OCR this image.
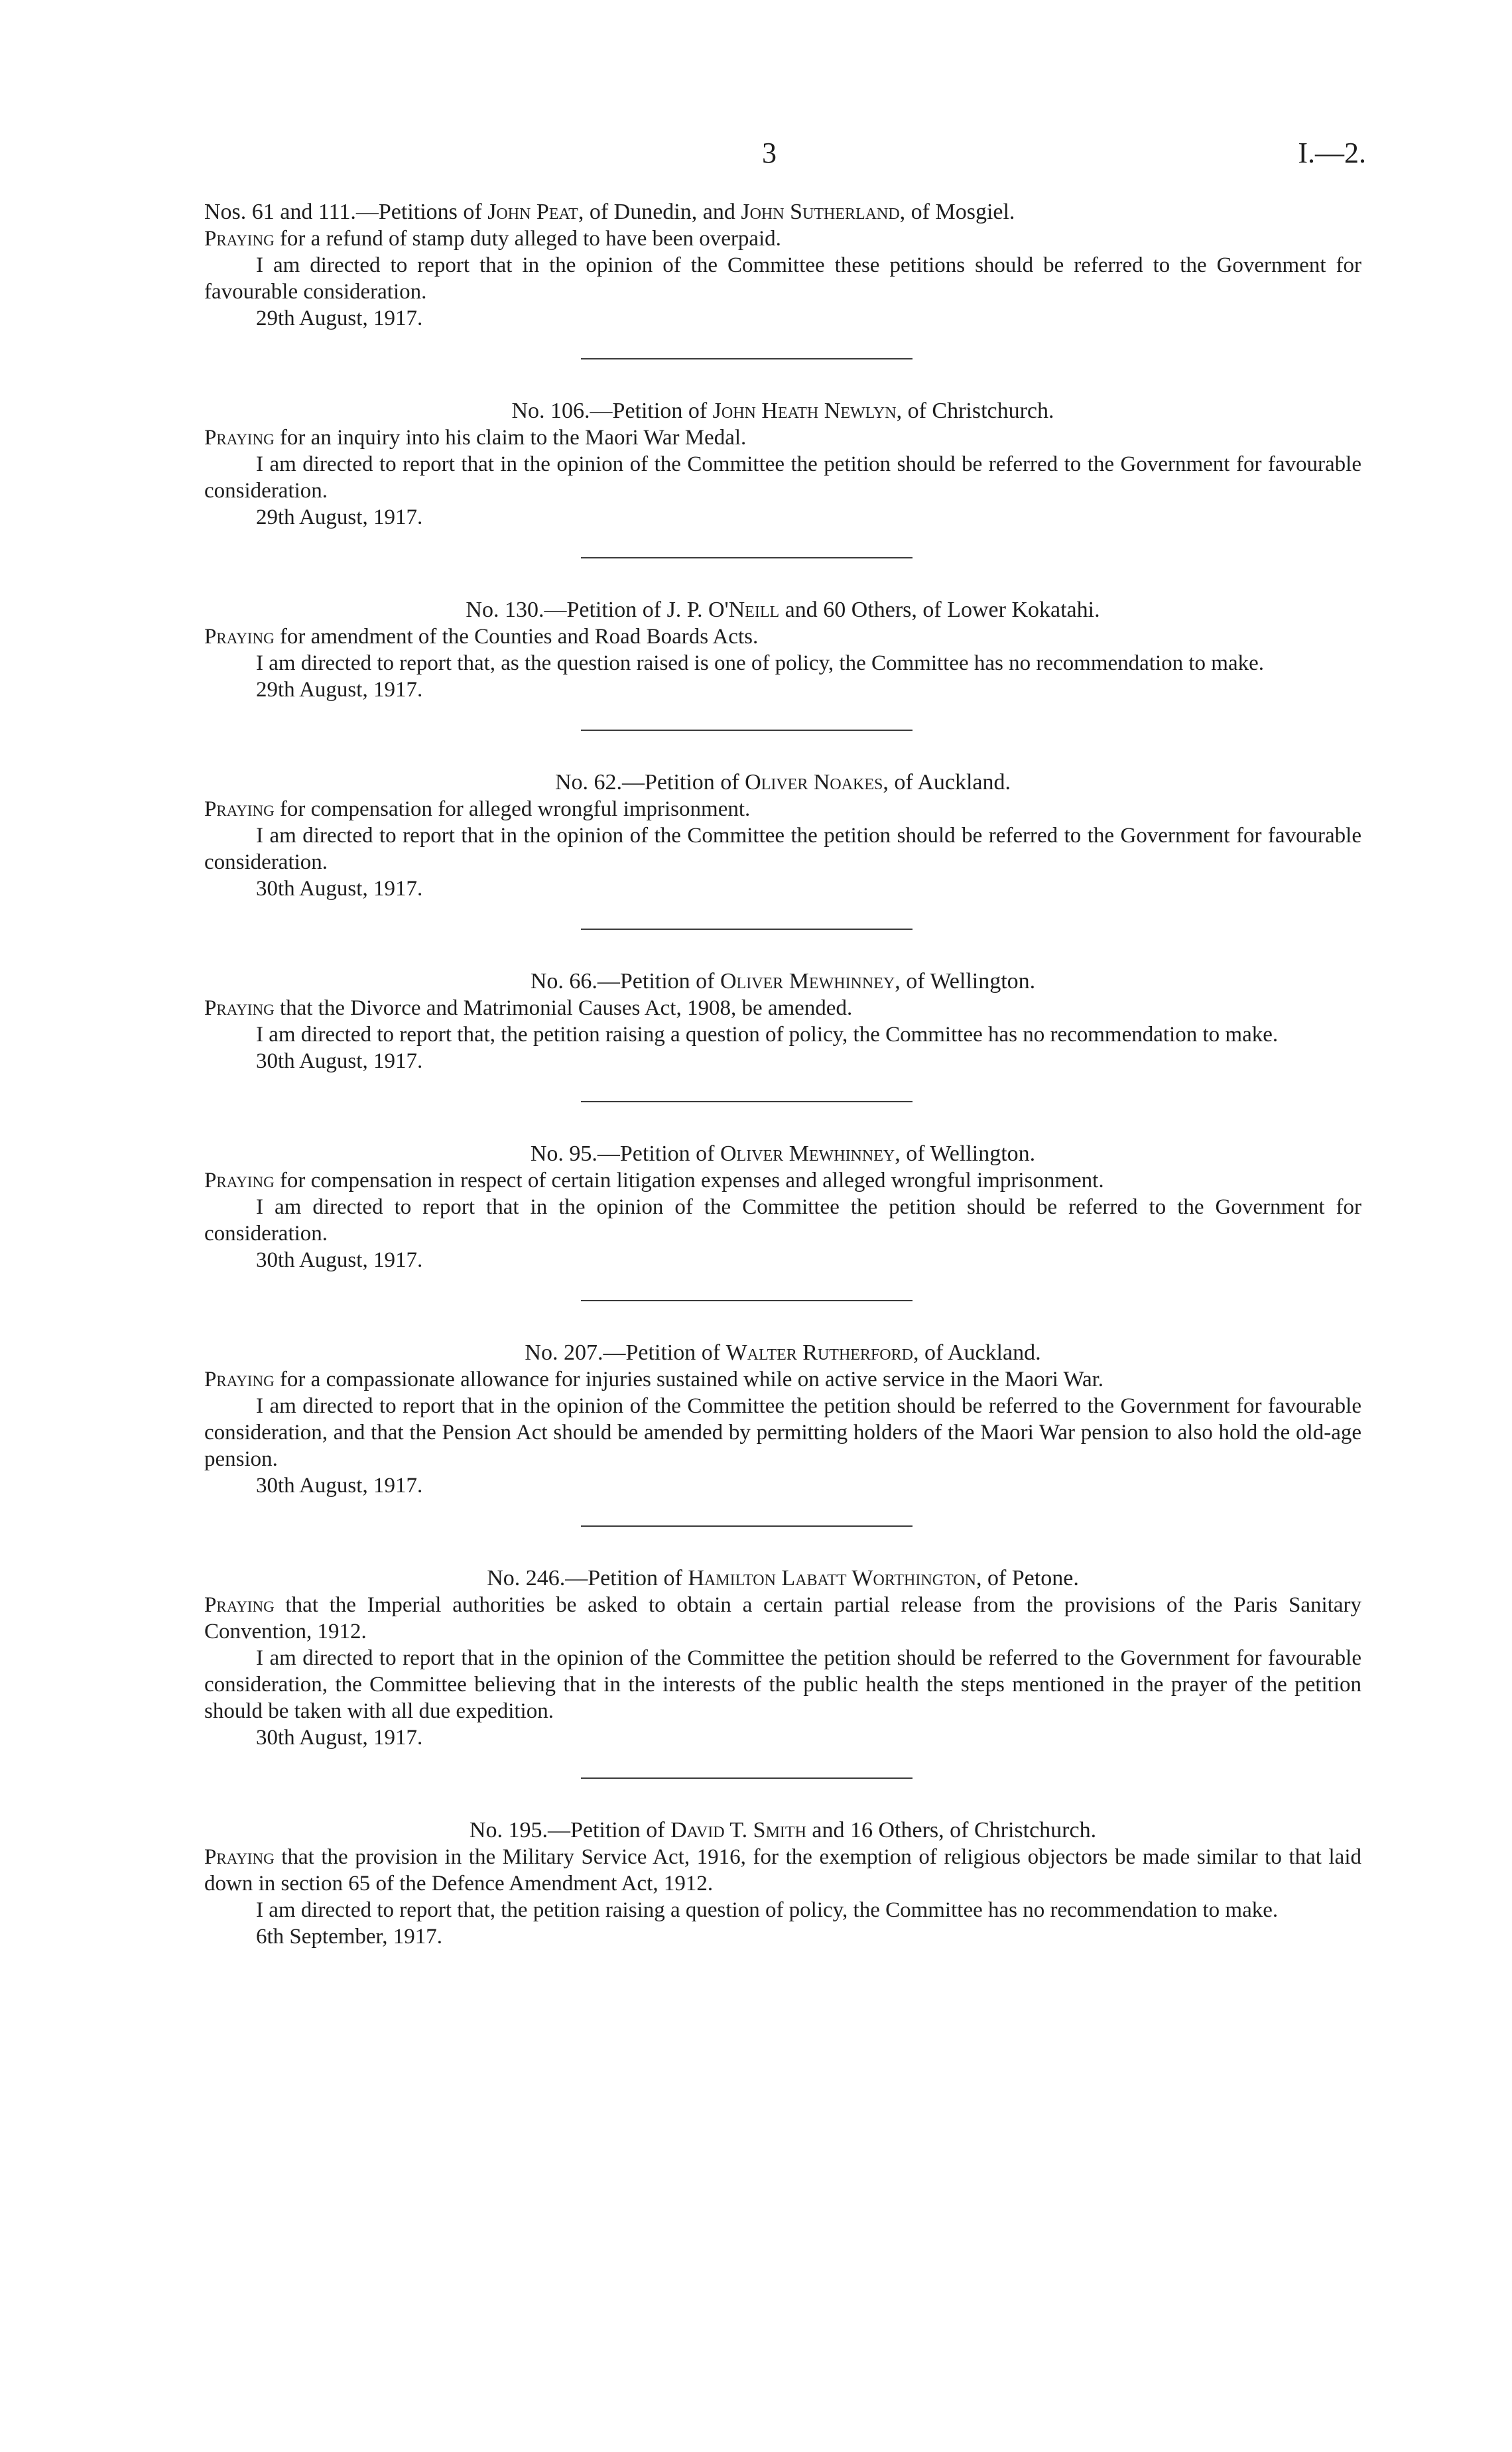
3	I.—2.

Nos. 61 and 111.—Petitions of John Peat, of Dunedin, and John Sutherland, of Mosgiel.

Praying for a refund of stamp duty alleged to have been overpaid.

I am directed to report that in the opinion of the Committee these petitions should be referred to the Government for favourable consideration.

29th August, 1917.

No. 106.—Petition of John Heath Newlyn, of Christchurch.

Praying for an inquiry into his claim to the Maori War Medal.

I am directed to report that in the opinion of the Committee the petition should be referred to the Government for favourable consideration.

29th August, 1917.

No. 130.—Petition of J. P. O'Neill and 60 Others, of Lower Kokatahi.

Praying for amendment of the Counties and Road Boards Acts.

I am directed to report that, as the question raised is one of policy, the Committee has no recommendation to make.

29th August, 1917.

No. 62.—Petition of Oliver Noakes, of Auckland.

Praying for compensation for alleged wrongful imprisonment.

I am directed to report that in the opinion of the Committee the petition should be referred to the Government for favourable consideration.

30th August, 1917.

No. 66.—Petition of Oliver Mewhinney, of Wellington.

Praying that the Divorce and Matrimonial Causes Act, 1908, be amended.

I am directed to report that, the petition raising a question of policy, the Committee has no recommendation to make.

30th August, 1917.

No. 95.—Petition of Oliver Mewhinney, of Wellington.

Praying for compensation in respect of certain litigation expenses and alleged wrongful imprisonment.

I am directed to report that in the opinion of the Committee the petition should be referred to the Government for consideration.

30th August, 1917.

No. 207.—Petition of Walter Rutherford, of Auckland.

Praying for a compassionate allowance for injuries sustained while on active service in the Maori War.

I am directed to report that in the opinion of the Committee the petition should be referred to the Government for favourable consideration, and that the Pension Act should be amended by permitting holders of the Maori War pension to also hold the old-age pension.

30th August, 1917.

No. 246.—Petition of Hamilton Labatt Worthington, of Petone.

Praying that the Imperial authorities be asked to obtain a certain partial release from the provisions of the Paris Sanitary Convention, 1912.

I am directed to report that in the opinion of the Committee the petition should be referred to the Government for favourable consideration, the Committee believing that in the interests of the public health the steps mentioned in the prayer of the petition should be taken with all due expedition.

30th August, 1917.

No. 195.—Petition of David T. Smith and 16 Others, of Christchurch.

Praying that the provision in the Military Service Act, 1916, for the exemption of religious objectors be made similar to that laid down in section 65 of the Defence Amendment Act, 1912.

I am directed to report that, the petition raising a question of policy, the Committee has no recommendation to make.

6th September, 1917.
